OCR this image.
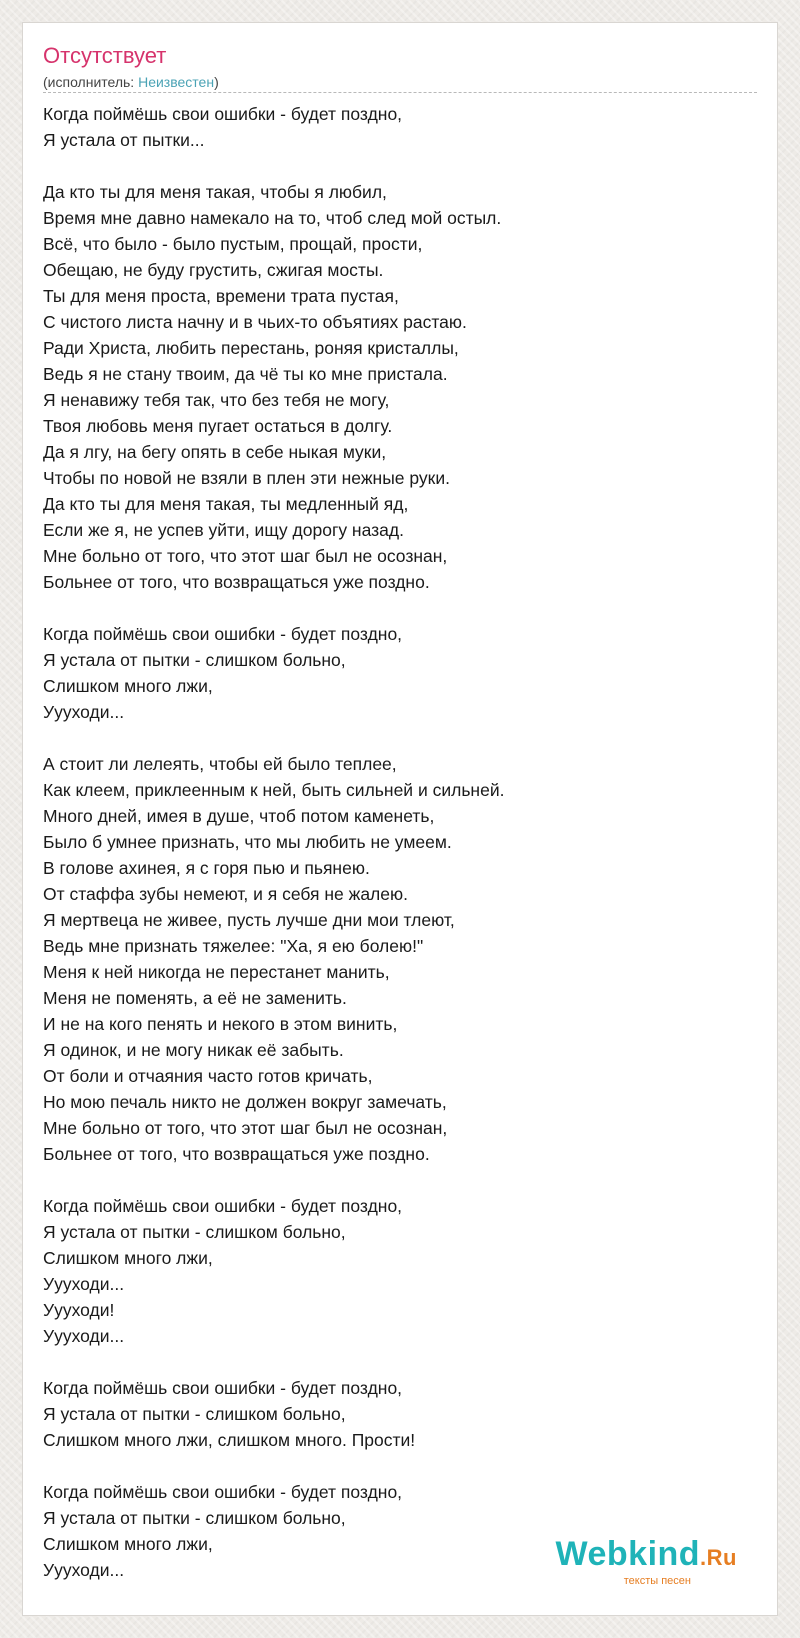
Отсутствует
(исполнитель: Неизвестен)
Когда поймёшь свои ошибки - будет поздно,
Я устала от пытки...
Да кто ты для меня такая, чтобы я любил,
Время мне давно намекало на то, чтоб след мой остыл.
Всё, что было - было пустым, прощай, прости,
Обещаю, не буду грустить, сжигая мосты.
Ты для меня проста, времени трата пустая,
С чистого листа начну и в чьих-то объятиях растаю.
Ради Христа, любить перестань, роняя кристаллы,
Ведь я не стану твоим, да чё ты ко мне пристала.
Я ненавижу тебя так, что без тебя не могу,
Твоя любовь меня пугает остаться в долгу.
Да я лгу, на бегу опять в себе ныкая муки,
Чтобы по новой не взяли в плен эти нежные руки.
Да кто ты для меня такая, ты медленный яд,
Если же я, не успев уйти, ищу дорогу назад.
Мне больно от того, что этот шаг был не осознан,
Больнее от того, что возвращаться уже поздно.
Когда поймёшь свои ошибки - будет поздно,
Я устала от пытки - слишком больно,
Слишком много лжи,
Уууходи...
А стоит ли лелеять, чтобы ей было теплее,
Как клеем, приклеенным к ней, быть сильней и сильней.
Много дней, имея в душе, чтоб потом каменеть,
Было б умнее признать, что мы любить не умеем.
В голове ахинея, я с горя пью и пьянею.
От стаффа зубы немеют, и я себя не жалею.
Я мертвеца не живее, пусть лучше дни мои тлеют,
Ведь мне признать тяжелее: "Ха, я ею болею!"
Меня к ней никогда не перестанет манить,
Меня не поменять, а её не заменить.
И не на кого пенять и некого в этом винить,
Я одинок, и не могу никак её забыть.
От боли и отчаяния часто готов кричать,
Но мою печаль никто не должен вокруг замечать,
Мне больно от того, что этот шаг был не осознан,
Больнее от того, что возвращаться уже поздно.
Когда поймёшь свои ошибки - будет поздно,
Я устала от пытки - слишком больно,
Слишком много лжи,
Уууходи...
Уууходи!
Уууходи...
Когда поймёшь свои ошибки - будет поздно,
Я устала от пытки - слишком больно,
Слишком много лжи, слишком много. Прости!
Когда поймёшь свои ошибки - будет поздно,
Я устала от пытки - слишком больно,
Слишком много лжи,
Уууходи...	Webkind.Ru
тексты песен
